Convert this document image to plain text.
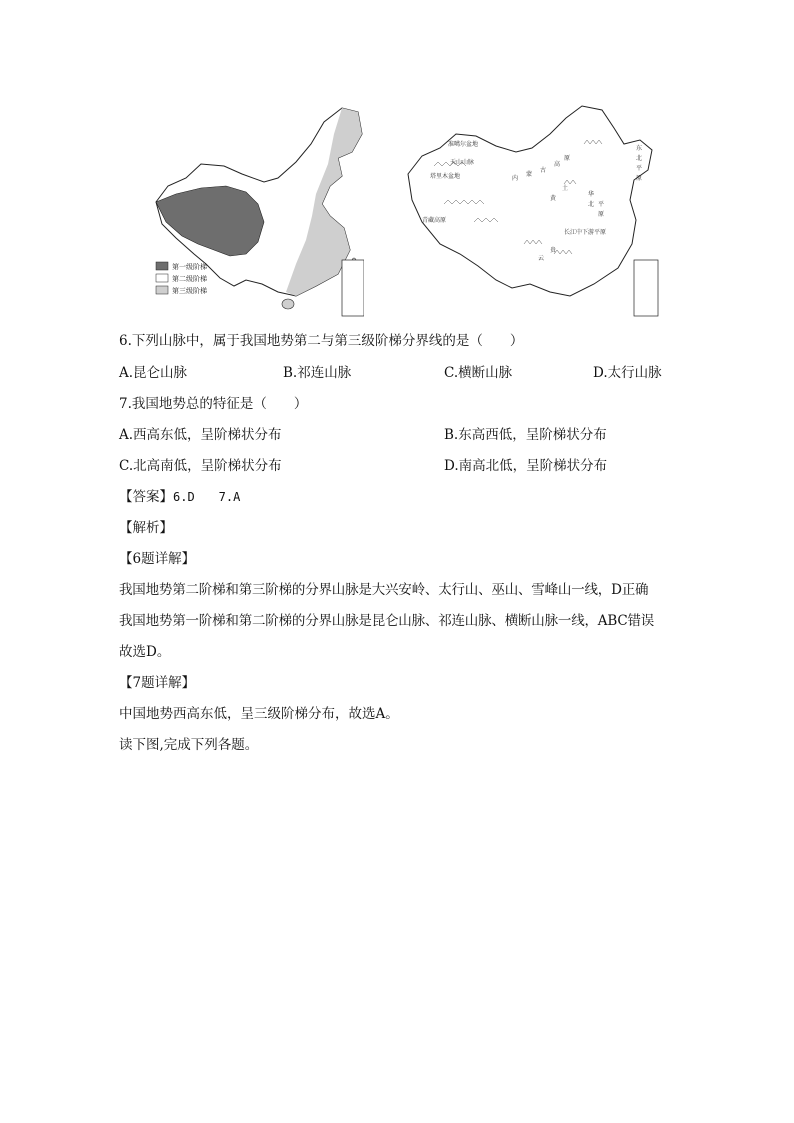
第一级阶梯
第二级阶梯
第三级阶梯
准噶尔盆地
天山山脉
塔里木盆地	内
蒙
古
高
原
东
北
平
原
黄
华
北 平
原
土
青藏高原
长江中下游平原
云
贵
6.下列山脉中，属于我国地势第二与第三级阶梯分界线的是（　　）
A.昆仑山脉	B.祁连山脉	C.横断山脉	D.太行山脉
7.我国地势总的特征是（　　）
A.西高东低，呈阶梯状分布	B.东高西低，呈阶梯状分布
C.北高南低，呈阶梯状分布	D.南高北低，呈阶梯状分布
【答案】6.D　　7.A
【解析】
【6题详解】
我国地势第二阶梯和第三阶梯的分界山脉是大兴安岭、太行山、巫山、雪峰山一线，D正确
我国地势第一阶梯和第二阶梯的分界山脉是昆仑山脉、祁连山脉、横断山脉一线，ABC错误
故选D。
【7题详解】
中国地势西高东低，呈三级阶梯分布，故选A。
读下图,完成下列各题。
